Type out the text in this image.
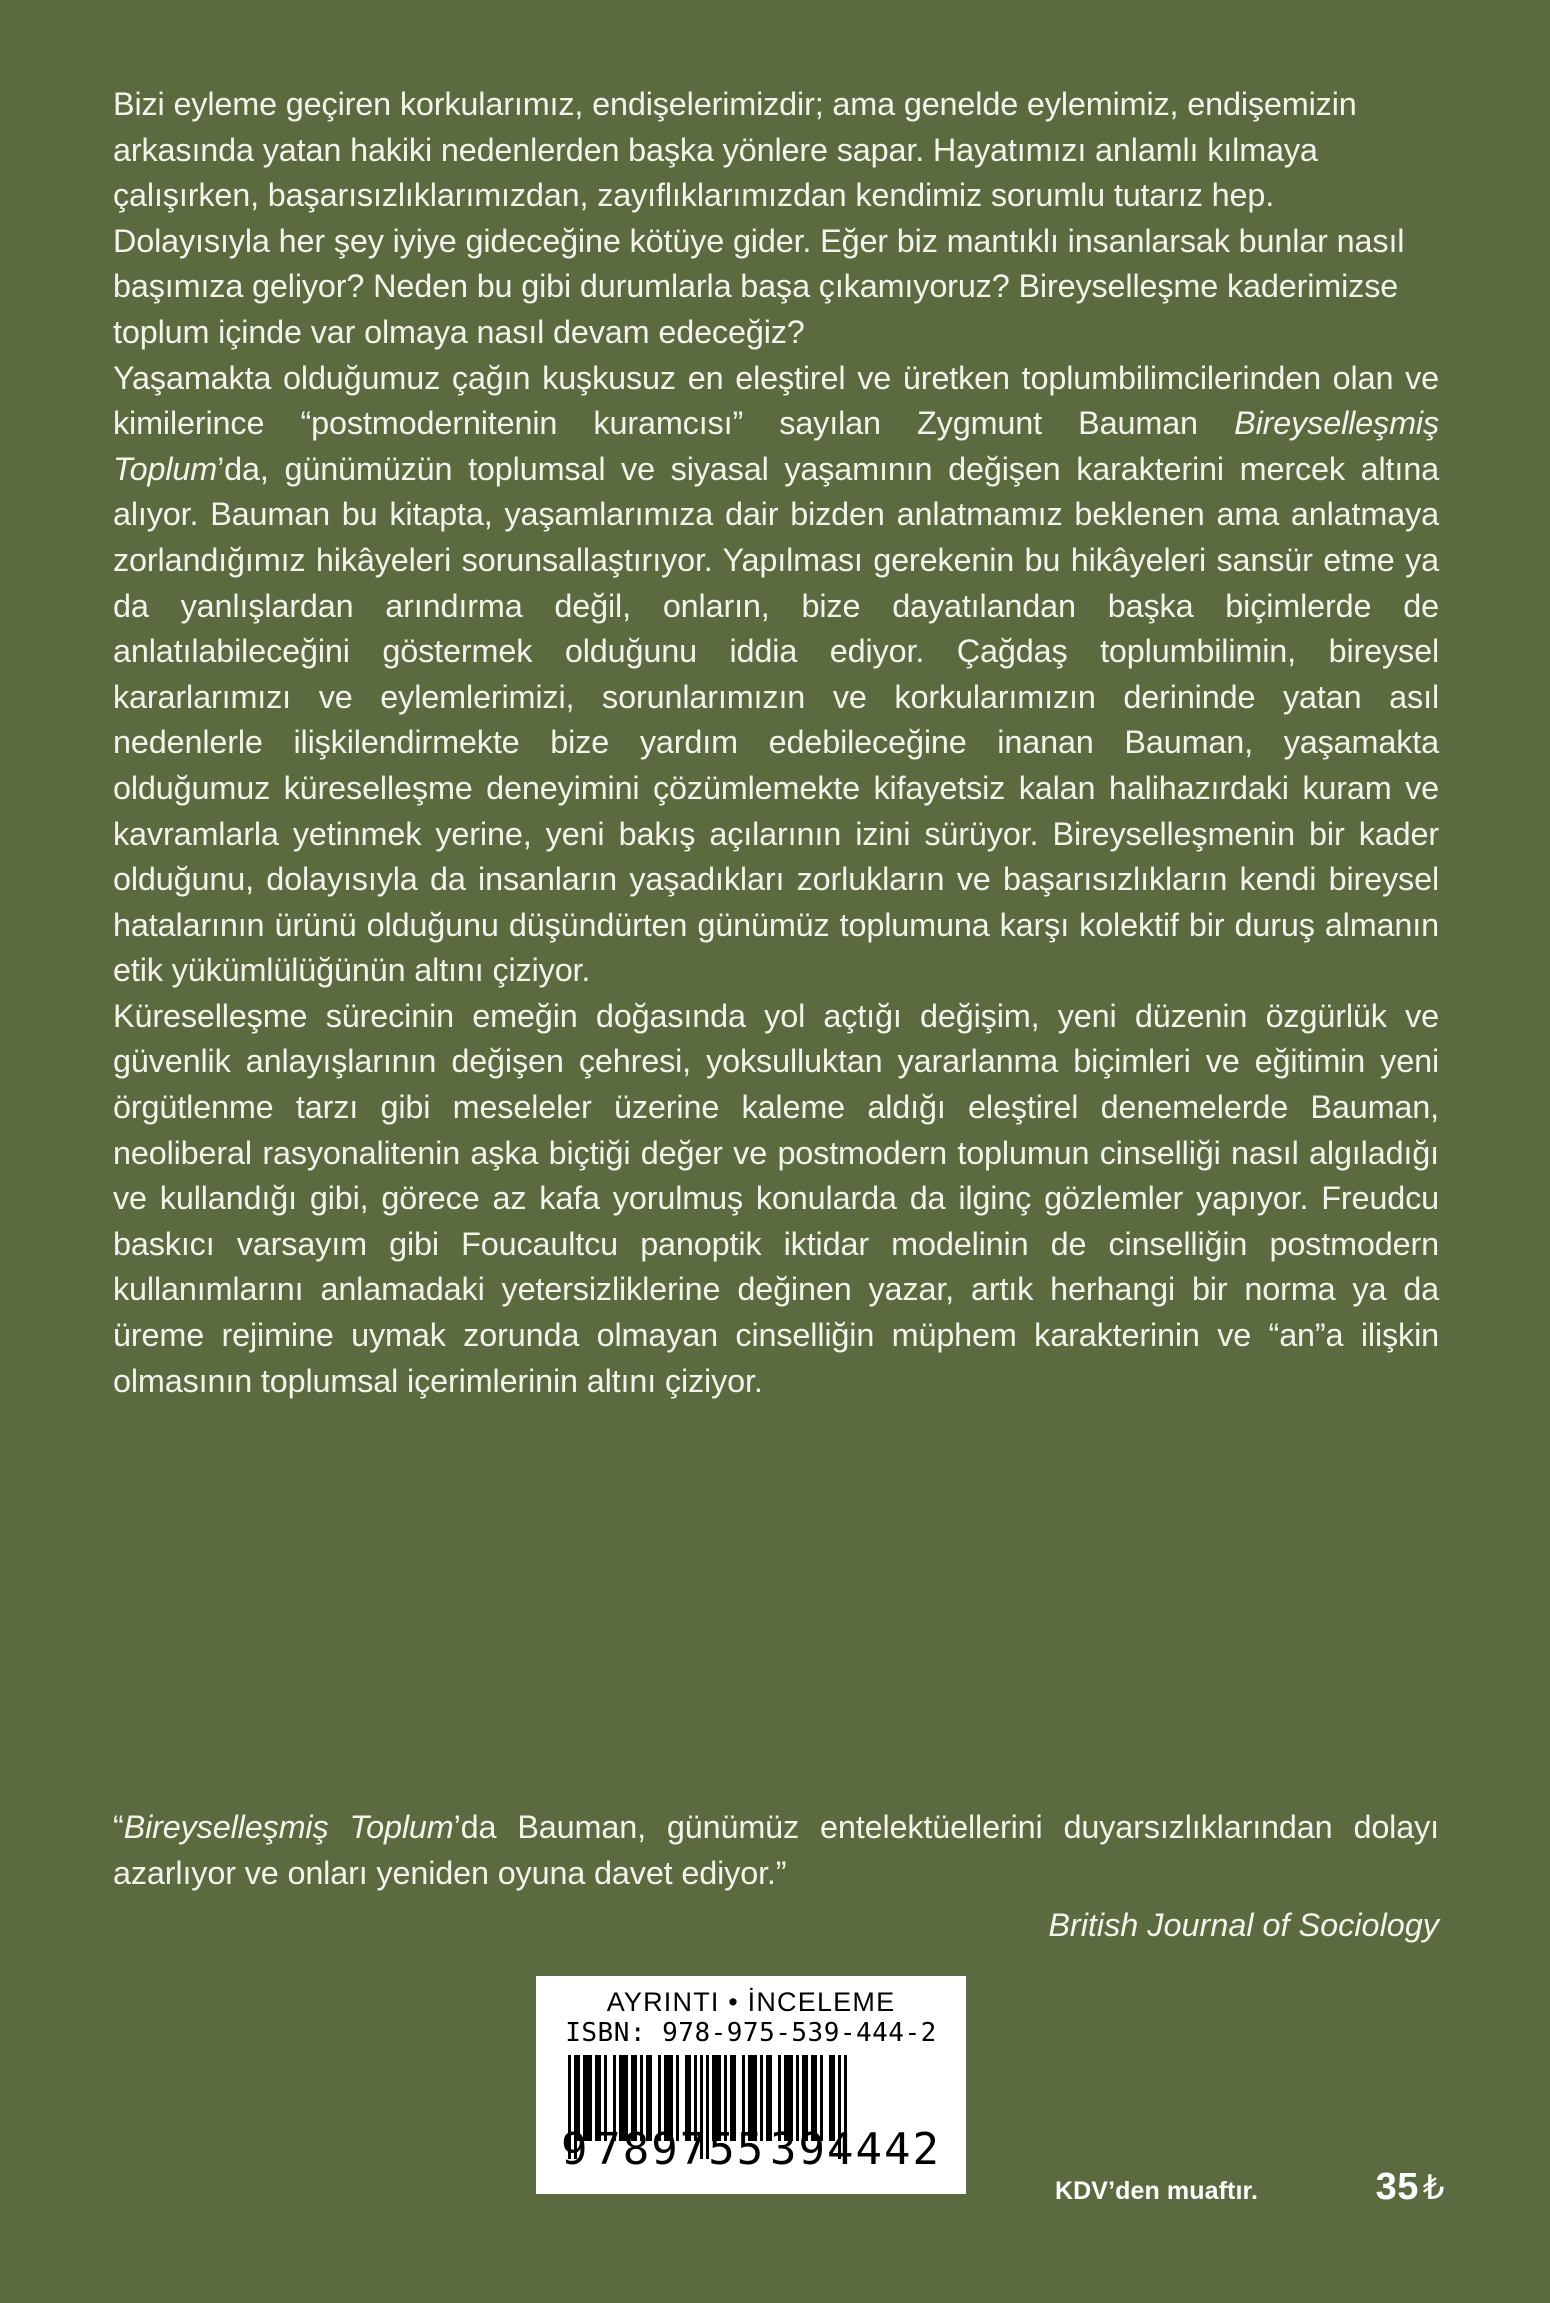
Bizi eyleme geçiren korkularımız, endişelerimizdir; ama genelde eylemimiz, endişemizin arkasında yatan hakiki nedenlerden başka yönlere sapar. Hayatımızı anlamlı kılmaya çalışırken, başarısızlıklarımızdan, zayıflıklarımızdan kendimiz sorumlu tutarız hep. Dolayısıyla her şey iyiye gideceğine kötüye gider. Eğer biz mantıklı insanlarsak bunlar nasıl başımıza geliyor? Neden bu gibi durumlarla başa çıkamıyoruz? Bireyselleşme kaderimizse toplum içinde var olmaya nasıl devam edeceğiz?

Yaşamakta olduğumuz çağın kuşkusuz en eleştirel ve üretken toplumbilimcilerinden olan ve kimilerince “postmodernitenin kuramcısı” sayılan Zygmunt Bauman Bireyselleşmiş Toplum’da, günümüzün toplumsal ve siyasal yaşamının değişen karakterini mercek altına alıyor. Bauman bu kitapta, yaşamlarımıza dair bizden anlatmamız beklenen ama anlatmaya zorlandığımız hikâyeleri sorunsallaştırıyor. Yapılması gerekenin bu hikâyeleri sansür etme ya da yanlışlardan arındırma değil, onların, bize dayatılandan başka biçimlerde de anlatılabileceğini göstermek olduğunu iddia ediyor. Çağdaş toplumbilimin, bireysel kararlarımızı ve eylemlerimizi, sorunlarımızın ve korkularımızın derininde yatan asıl nedenlerle ilişkilendirmekte bize yardım edebileceğine inanan Bauman, yaşamakta olduğumuz küreselleşme deneyimini çözümlemekte kifayetsiz kalan halihazırdaki kuram ve kavramlarla yetinmek yerine, yeni bakış açılarının izini sürüyor. Bireyselleşmenin bir kader olduğunu, dolayısıyla da insanların yaşadıkları zorlukların ve başarısızlıkların kendi bireysel hatalarının ürünü olduğunu düşündürten günümüz toplumuna karşı kolektif bir duruş almanın etik yükümlülüğünün altını çiziyor.

Küreselleşme sürecinin emeğin doğasında yol açtığı değişim, yeni düzenin özgürlük ve güvenlik anlayışlarının değişen çehresi, yoksulluktan yararlanma biçimleri ve eğitimin yeni örgütlenme tarzı gibi meseleler üzerine kaleme aldığı eleştirel denemelerde Bauman, neoliberal rasyonalitenin aşka biçtiği değer ve postmodern toplumun cinselliği nasıl algıladığı ve kullandığı gibi, görece az kafa yorulmuş konularda da ilginç gözlemler yapıyor. Freudcu baskıcı varsayım gibi Foucaultcu panoptik iktidar modelinin de cinselliğin postmodern kullanımlarını anlamadaki yetersizliklerine değinen yazar, artık herhangi bir norma ya da üreme rejimine uymak zorunda olmayan cinselliğin müphem karakterinin ve “an”a ilişkin olmasının toplumsal içerimlerinin altını çiziyor.

“Bireyselleşmiş Toplum’da Bauman, günümüz entelektüellerini duyarsızlıklarından dolayı azarlıyor ve onları yeniden oyuna davet ediyor.”

British Journal of Sociology

AYRINTI • İNCELEME
ISBN: 978-975-539-444-2
9 789755 394442
KDV’den muaftır.	35 ₺
